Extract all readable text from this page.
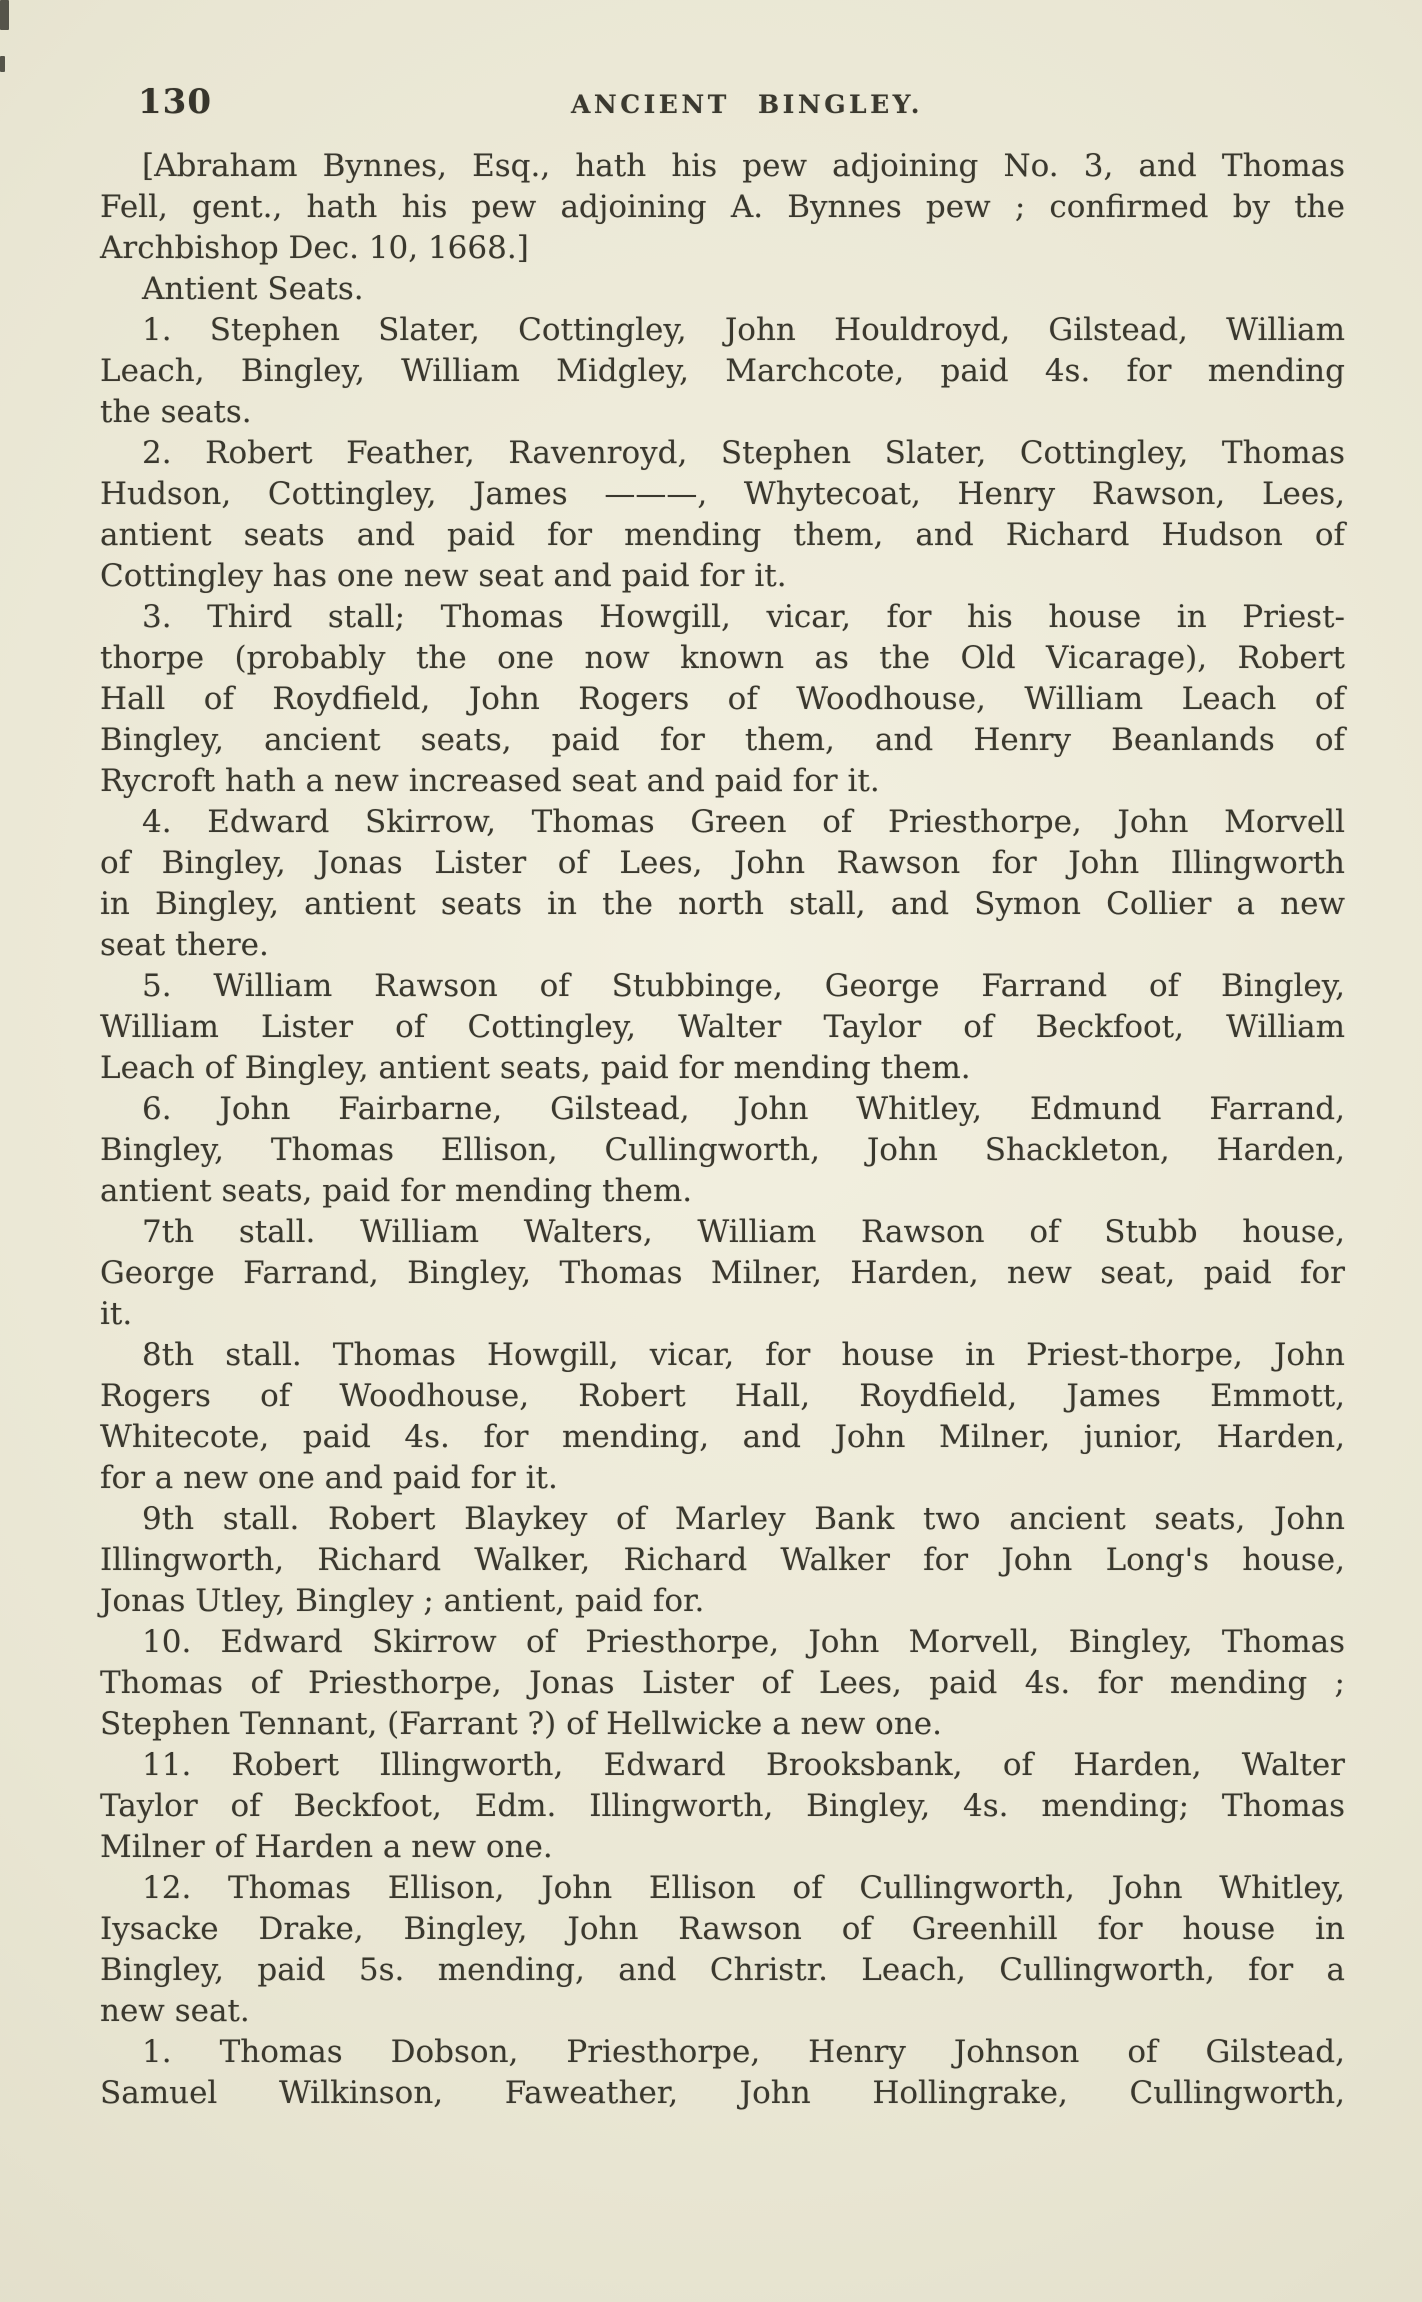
130	ANCIENT BINGLEY.

[Abraham Bynnes, Esq., hath his pew adjoining No. 3, and Thomas
Fell, gent., hath his pew adjoining A. Bynnes pew ; confirmed by the
Archbishop Dec. 10, 1668.]

Antient Seats.

1. Stephen Slater, Cottingley, John Houldroyd, Gilstead, William
Leach, Bingley, William Midgley, Marchcote, paid 4s. for mending
the seats.

2. Robert Feather, Ravenroyd, Stephen Slater, Cottingley, Thomas
Hudson, Cottingley, James ———, Whytecoat, Henry Rawson, Lees,
antient seats and paid for mending them, and Richard Hudson of
Cottingley has one new seat and paid for it.

3. Third stall; Thomas Howgill, vicar, for his house in Priest-
thorpe (probably the one now known as the Old Vicarage), Robert
Hall of Roydfield, John Rogers of Woodhouse, William Leach of
Bingley, ancient seats, paid for them, and Henry Beanlands of
Rycroft hath a new increased seat and paid for it.

4. Edward Skirrow, Thomas Green of Priesthorpe, John Morvell
of Bingley, Jonas Lister of Lees, John Rawson for John Illingworth
in Bingley, antient seats in the north stall, and Symon Collier a new
seat there.

5. William Rawson of Stubbinge, George Farrand of Bingley,
William Lister of Cottingley, Walter Taylor of Beckfoot, William
Leach of Bingley, antient seats, paid for mending them.

6. John Fairbarne, Gilstead, John Whitley, Edmund Farrand,
Bingley, Thomas Ellison, Cullingworth, John Shackleton, Harden,
antient seats, paid for mending them.

7th stall. William Walters, William Rawson of Stubb house,
George Farrand, Bingley, Thomas Milner, Harden, new seat, paid for
it.

8th stall. Thomas Howgill, vicar, for house in Priest-thorpe, John
Rogers of Woodhouse, Robert Hall, Roydfield, James Emmott,
Whitecote, paid 4s. for mending, and John Milner, junior, Harden,
for a new one and paid for it.

9th stall. Robert Blaykey of Marley Bank two ancient seats, John
Illingworth, Richard Walker, Richard Walker for John Long's house,
Jonas Utley, Bingley ; antient, paid for.

10. Edward Skirrow of Priesthorpe, John Morvell, Bingley, Thomas
Thomas of Priesthorpe, Jonas Lister of Lees, paid 4s. for mending ;
Stephen Tennant, (Farrant ?) of Hellwicke a new one.

11. Robert Illingworth, Edward Brooksbank, of Harden, Walter
Taylor of Beckfoot, Edm. Illingworth, Bingley, 4s. mending; Thomas
Milner of Harden a new one.

12. Thomas Ellison, John Ellison of Cullingworth, John Whitley,
Iysacke Drake, Bingley, John Rawson of Greenhill for house in
Bingley, paid 5s. mending, and Christr. Leach, Cullingworth, for a
new seat.

1. Thomas Dobson, Priesthorpe, Henry Johnson of Gilstead,
Samuel Wilkinson, Faweather, John Hollingrake, Cullingworth,
